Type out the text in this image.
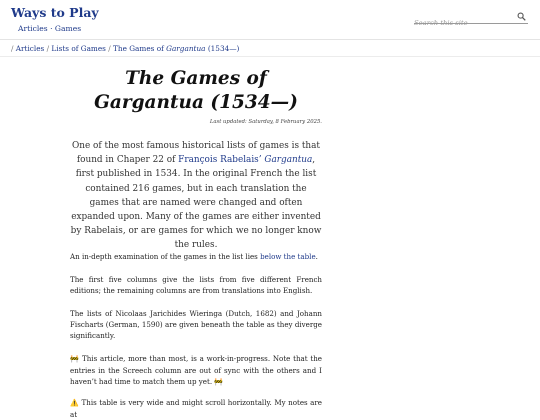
Ways to Play
Articles · Games
Search this site
/ Articles / Lists of Games / The Games of Gargantua (1534—)
The Games of
Gargantua (1534—)
Last updated: Saturday, 8 February 2025.

One of the most famous historical lists of games is that found in Chaper 22 of François Rabelais’ Gargantua, first published in 1534. In the original French the list contained 216 games, but in each translation the games that are named were changed and often expanded upon. Many of the games are either invented by Rabelais, or are games for which we no longer know the rules.

An in-depth examination of the games in the list lies below the table.

The first five columns give the lists from five different French editions; the remaining columns are from translations into English.

The lists of Nicolaas Jarichides Wieringa (Dutch, 1682) and Johann Fischarts (German, 1590) are given beneath the table as they diverge significantly.

🚧 This article, more than most, is a work-in-progress. Note that the entries in the Screech column are out of sync with the others and I haven’t had time to match them up yet. 🚧

⚠️ This table is very wide and might scroll horizontally. My notes are at
